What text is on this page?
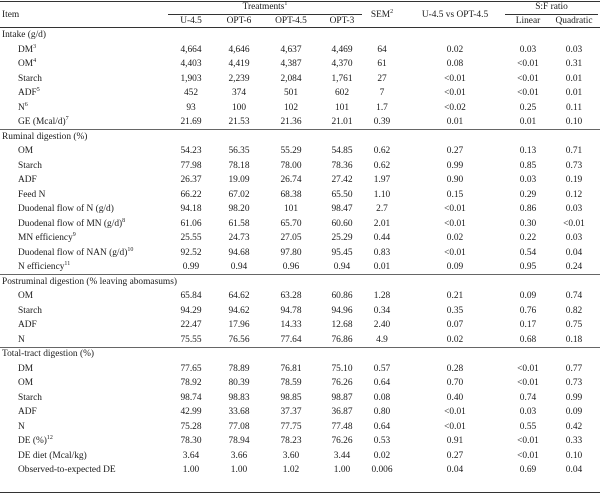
Item
Treatments$^1$
SEM$^2$	U-4.5 vs OPT-4.5
S:F ratio
U-4.5	OPT-6	OPT-4.5	OPT-3	Linear	Quadratic
Intake (g/d)
$DM^3$	4,664	4,646	4,637	4,469	64	0.02	0.03	0.03
$OM^4$	4,403	4,419	4,387	4,370	61	0.08	<0.01	0.31
Starch	1,903	2,239	2,084	1,761	27	<0.01	<0.01	0.01
ADF$^5$	452	374	501	602	7	<0.01	<0.01	0.01
$N^6$	93	100	102	101	1.7	<0.02	0.25	0.11
GE (Mcal/d)$^7$	21.69	21.53	21.36	21.01	0.39	0.01	0.01	0.10
Ruminal digestion (%)
OM	54.23	56.35	55.29	54.85	0.62	0.27	0.13	0.71
Starch	77.98	78.18	78.00	78.36	0.62	0.99	0.85	0.73
ADF	26.37	19.09	26.74	27.42	1.97	0.90	0.03	0.19
Feed N	66.22	67.02	68.38	65.50	1.10	0.15	0.29	0.12
Duodenal flow of N (g/d)	94.18	98.20	101	98.47	2.7	<0.01	0.86	0.03
Duodenal flow of MN $(g/d)^8$	61.06	61.58	65.70	60.60	2.01	<0.01	0.30	<0.01
MN efficiency$^9$	25.55	24.73	27.05	25.29	0.44	0.02	0.22	0.03
Duodenal flow of NAN $(g/d)^{10}$	92.52	94.68	97.80	95.45	0.83	<0.01	0.54	0.04
N efficiency$^{11}$	0.99	0.94	0.96	0.94	0.01	0.09	0.95	0.24
Postruminal digestion (% leaving abomasums)
OM	65.84	64.62	63.28	60.86	1.28	0.21	0.09	0.74
Starch	94.29	94.62	94.78	94.96	0.34	0.35	0.76	0.82
ADF	22.47	17.96	14.33	12.68	2.40	0.07	0.17	0.75
N	75.55	76.56	77.64	76.86	4.9	0.02	0.68	0.18
Total-tract digestion (%)
DM	77.65	78.89	76.81	75.10	0.57	0.28	<0.01	0.77
OM	78.92	80.39	78.59	76.26	0.64	0.70	<0.01	0.73
Starch	98.74	98.83	98.85	98.87	0.08	0.40	0.74	0.99
ADF	42.99	33.68	37.37	36.87	0.80	<0.01	0.03	0.09
N	75.28	77.08	77.75	77.48	0.64	<0.01	0.55	0.42
DE (%)$^{12}$	78.30	78.94	78.23	76.26	0.53	0.91	<0.01	0.33
DE diet (Mcal/kg)	3.64	3.66	3.60	3.44	0.02	0.27	<0.01	0.10
Observed-to-expected DE	1.00	1.00	1.02	1.00	0.006	0.04	0.69	0.04
